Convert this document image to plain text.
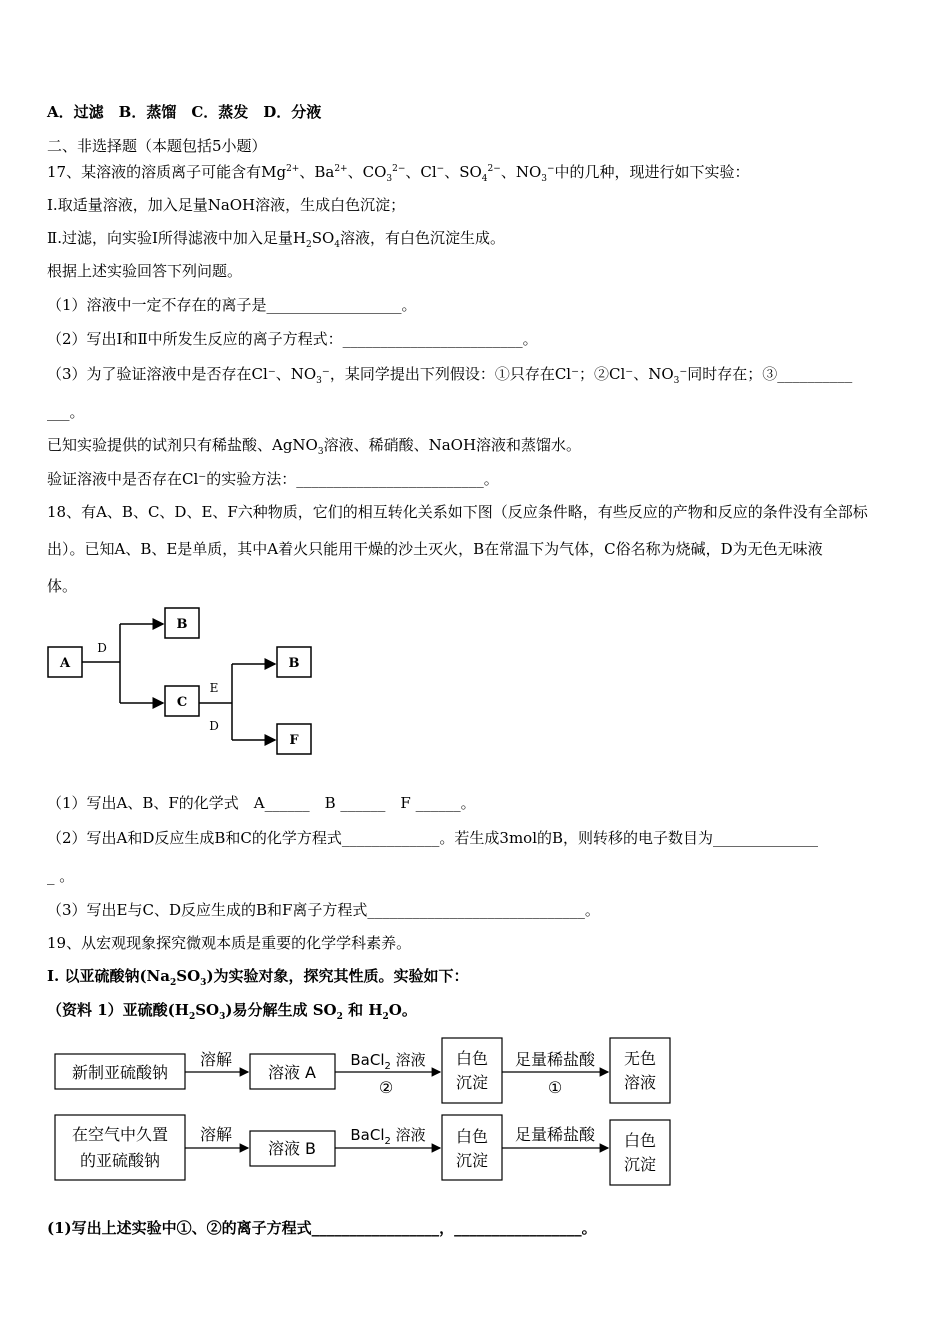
A．过滤　B．蒸馏　C．蒸发　D．分液
二、非选择题（本题包括5小题）
17、某溶液的溶质离子可能含有$Mg^{2+}$、$Ba^{2+}$、$CO_3^{2-}$、Cl−、$SO_4^{2-}$、$NO_3^-$中的几种，现进行如下实验：
Ⅰ.取适量溶液，加入足量NaOH溶液，生成白色沉淀；
Ⅱ.过滤，向实验Ⅰ所得滤液中加入足量$H_2SO_4$溶液，有白色沉淀生成。
根据上述实验回答下列问题。
（1）溶液中一定不存在的离子是__________________。
（2）写出Ⅰ和Ⅱ中所发生反应的离子方程式：________________________。
（3）为了验证溶液中是否存在Cl⁻、$NO_3^-$，某同学提出下列假设：①只存在Cl⁻；②Cl⁻、$NO_3^-$同时存在；③__________
___。
已知实验提供的试剂只有稀盐酸、AgNO$_3$溶液、稀硝酸、NaOH溶液和蒸馏水。
验证溶液中是否存在Cl⁻的实验方法：_________________________。
18、有A、B、C、D、E、F六种物质，它们的相互转化关系如下图（反应条件略，有些反应的产物和反应的条件没有全部标
出）。已知A、B、E是单质，其中A着火只能用干燥的沙土灭火，B在常温下为气体，C俗名称为烧碱，D为无色无味液
体。
A
B
C
B
F
D
E
D
（1）写出A、B、F的化学式　A______　B ______　F ______。
（2）写出A和D反应生成B和C的化学方程式_____________。若生成3mol的B，则转移的电子数目为______________
_ 。
（3）写出E与C、D反应生成的B和F离子方程式_____________________________。
19、从宏观现象探究微观本质是重要的化学学科素养。
I. 以亚硫酸钠$(Na_2SO_3)$为实验对象，探究其性质。实验如下：
（资料 1）亚硫酸$(H_2SO_3)$易分解生成 $SO_2$ 和 $H_2O$。
新制亚硫酸钠
溶解
溶液 A
BaCl$_2$ 溶液
②
白色
沉淀
足量稀盐酸
①
无色
溶液
在空气中久置
的亚硫酸钠
溶解
溶液 B
BaCl$_2$ 溶液 白色
沉淀
足量稀盐酸 白色
沉淀
(1)写出上述实验中①、②的离子方程式_________________，_________________。
